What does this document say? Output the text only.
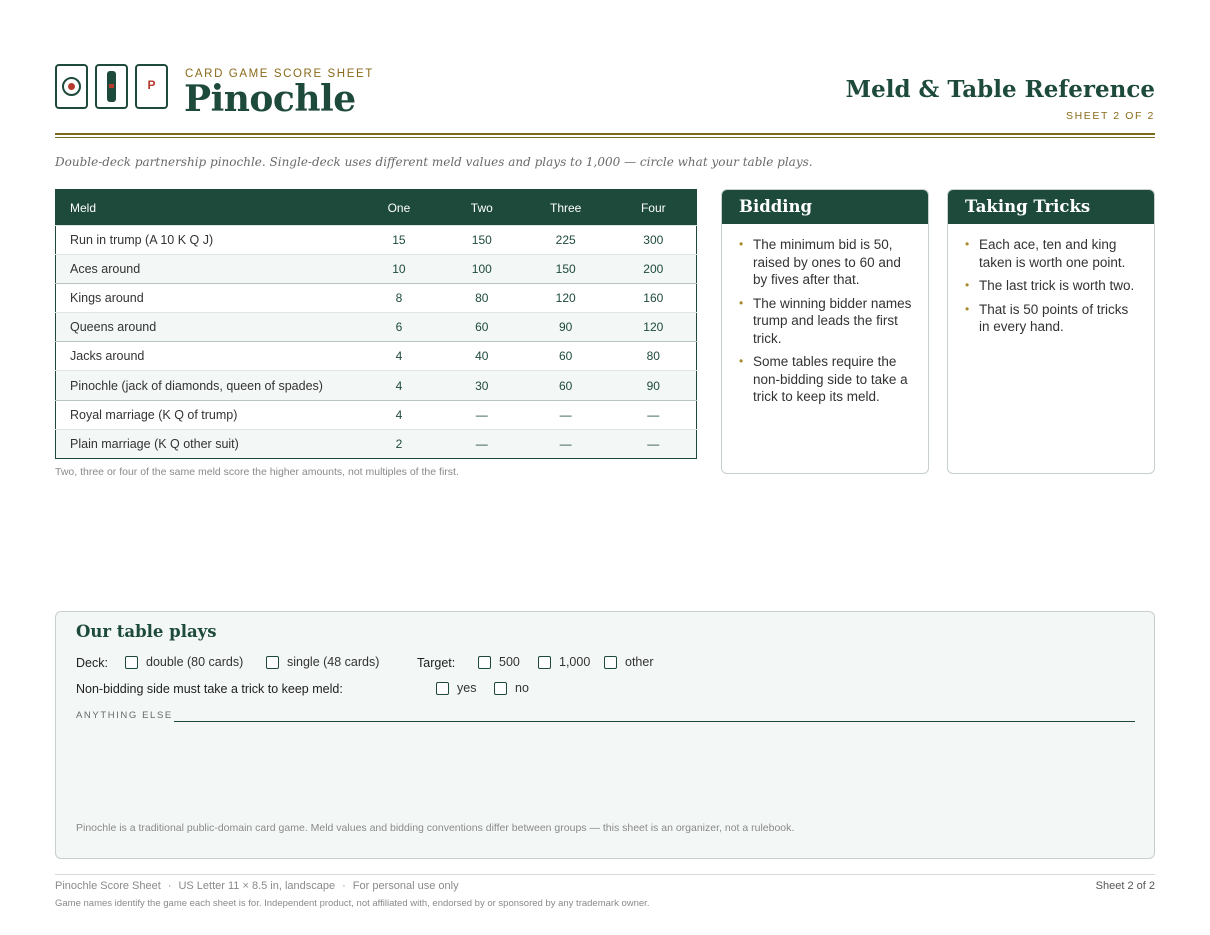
P
CARD GAME SCORE SHEET
Pinochle	Meld & Table Reference
SHEET 2 OF 2
Double-deck partnership pinochle. Single-deck uses different meld values and plays to 1,000 — circle what your table plays.
Meld	One	Two	Three	Four
Run in trump (A 10 K Q J)	15	150	225	300
Aces around	10	100	150	200
Kings around	8	80	120	160
Queens around	6	60	90	120
Jacks around	4	40	60	80
Pinochle (jack of diamonds, queen of spades)	4	30	60	90
Royal marriage (K Q of trump)	4	—	—	—
Plain marriage (K Q other suit)	2	—	—	—
Two, three or four of the same meld score the higher amounts, not multiples of the first.
Bidding
• The minimum bid is 50, raised by ones to 60 and by fives after that.
• The winning bidder names trump and leads the first trick.
• Some tables require the non-bidding side to take a trick to keep its meld.
Taking Tricks
• Each ace, ten and king taken is worth one point.
• The last trick is worth two.
• That is 50 points of tricks in every hand.
Our table plays
Deck:	double (80 cards)	single (48 cards)	Target:	500	1,000	other
Non-bidding side must take a trick to keep meld:	yes	no
ANYTHING ELSE
Pinochle is a traditional public-domain card game. Meld values and bidding conventions differ between groups — this sheet is an organizer, not a rulebook.
Pinochle Score Sheet · US Letter 11 × 8.5 in, landscape · For personal use only	Sheet 2 of 2
Game names identify the game each sheet is for. Independent product, not affiliated with, endorsed by or sponsored by any trademark owner.
